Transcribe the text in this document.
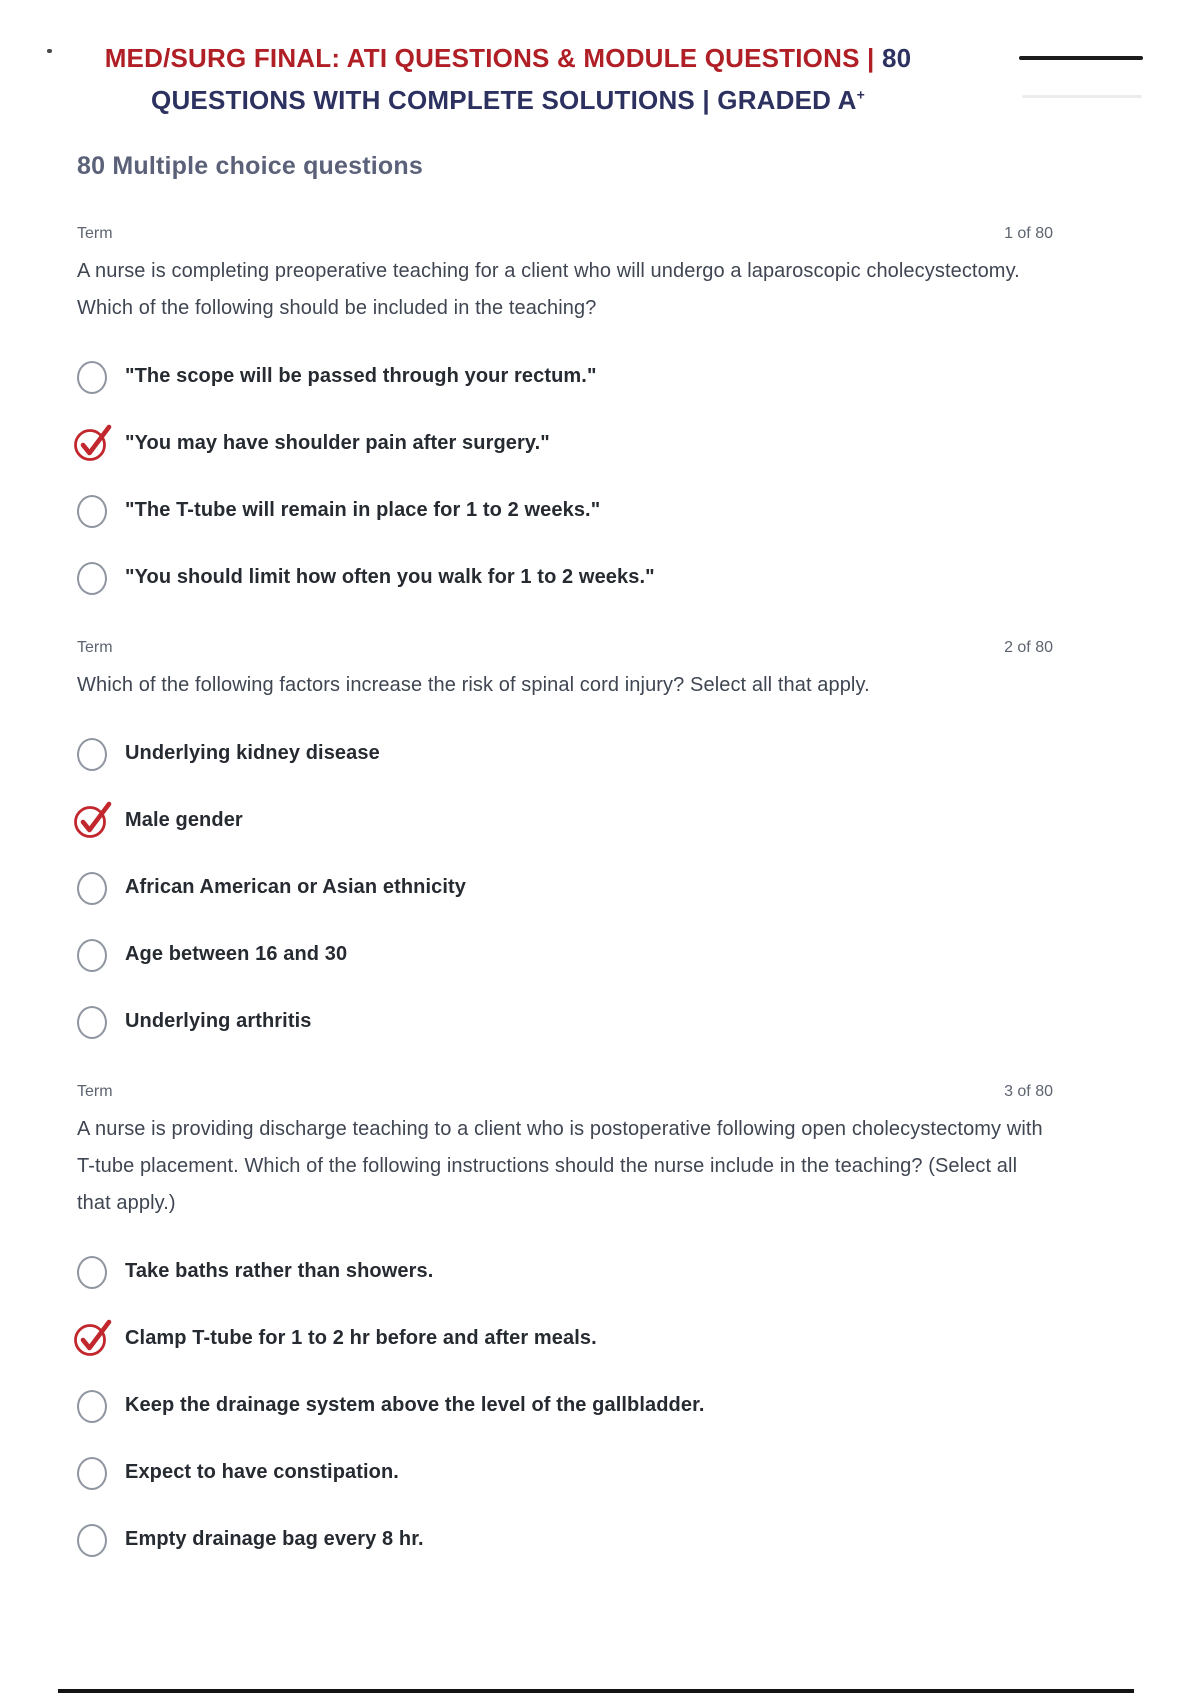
MED/SURG FINAL: ATI QUESTIONS & MODULE QUESTIONS | 80 QUESTIONS WITH COMPLETE SOLUTIONS | GRADED A+
80 Multiple choice questions
Term	1 of 80

A nurse is completing preoperative teaching for a client who will undergo a laparoscopic cholecystectomy. Which of the following should be included in the teaching?

"The scope will be passed through your rectum."
"You may have shoulder pain after surgery."
"The T-tube will remain in place for 1 to 2 weeks."
"You should limit how often you walk for 1 to 2 weeks."
Term	2 of 80

Which of the following factors increase the risk of spinal cord injury? Select all that apply.

Underlying kidney disease
Male gender
African American or Asian ethnicity
Age between 16 and 30
Underlying arthritis
Term	3 of 80

A nurse is providing discharge teaching to a client who is postoperative following open cholecystectomy with T-tube placement. Which of the following instructions should the nurse include in the teaching? (Select all that apply.)

Take baths rather than showers.
Clamp T-tube for 1 to 2 hr before and after meals.
Keep the drainage system above the level of the gallbladder.
Expect to have constipation.
Empty drainage bag every 8 hr.
